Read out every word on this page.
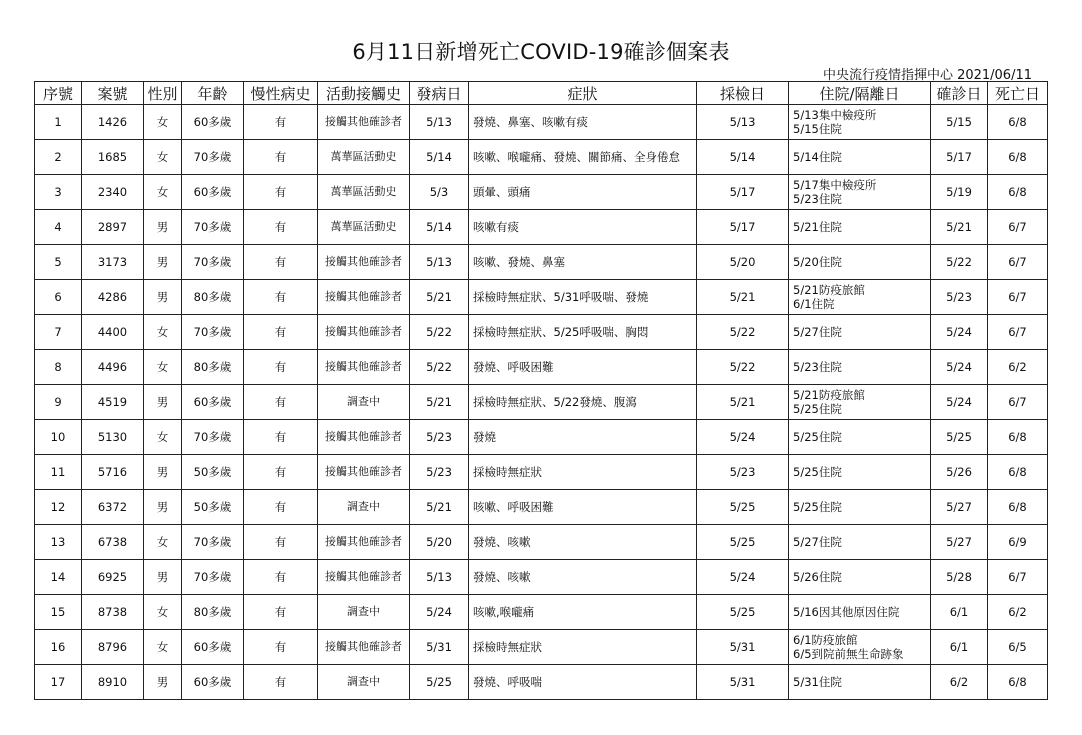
6月11日新增死亡COVID-19確診個案表
中央流行疫情指揮中心 2021/06/11
序號	案號	性別	年齡	慢性病史	活動接觸史	發病日	症狀	採檢日	住院/隔離日	確診日	死亡日
1	1426	女	60多歲	有	接觸其他確診者	5/13	發燒、鼻塞、咳嗽有痰	5/13	5/13集中檢疫所
5/15住院	5/15	6/8
2	1685	女	70多歲	有	萬華區活動史	5/14	咳嗽、喉嚨痛、發燒、關節痛、全身倦怠	5/14	5/14住院	5/17	6/8
3	2340	女	60多歲	有	萬華區活動史	5/3	頭暈、頭痛	5/17	5/17集中檢疫所
5/23住院	5/19	6/8
4	2897	男	70多歲	有	萬華區活動史	5/14	咳嗽有痰	5/17	5/21住院	5/21	6/7
5	3173	男	70多歲	有	接觸其他確診者	5/13	咳嗽、發燒、鼻塞	5/20	5/20住院	5/22	6/7
6	4286	男	80多歲	有	接觸其他確診者	5/21	採檢時無症狀、5/31呼吸喘、發燒	5/21	5/21防疫旅館
6/1住院	5/23	6/7
7	4400	女	70多歲	有	接觸其他確診者	5/22	採檢時無症狀、5/25呼吸喘、胸悶	5/22	5/27住院	5/24	6/7
8	4496	女	80多歲	有	接觸其他確診者	5/22	發燒、呼吸困難	5/22	5/23住院	5/24	6/2
9	4519	男	60多歲	有	調查中	5/21	採檢時無症狀、5/22發燒、腹瀉	5/21	5/21防疫旅館
5/25住院	5/24	6/7
10	5130	女	70多歲	有	接觸其他確診者	5/23	發燒	5/24	5/25住院	5/25	6/8
11	5716	男	50多歲	有	接觸其他確診者	5/23	採檢時無症狀	5/23	5/25住院	5/26	6/8
12	6372	男	50多歲	有	調查中	5/21	咳嗽、呼吸困難	5/25	5/25住院	5/27	6/8
13	6738	女	70多歲	有	接觸其他確診者	5/20	發燒、咳嗽	5/25	5/27住院	5/27	6/9
14	6925	男	70多歲	有	接觸其他確診者	5/13	發燒、咳嗽	5/24	5/26住院	5/28	6/7
15	8738	女	80多歲	有	調查中	5/24	咳嗽,喉嚨痛	5/25	5/16因其他原因住院	6/1	6/2
16	8796	女	60多歲	有	接觸其他確診者	5/31	採檢時無症狀	5/31	6/1防疫旅館
6/5到院前無生命跡象	6/1	6/5
17	8910	男	60多歲	有	調查中	5/25	發燒、呼吸喘	5/31	5/31住院	6/2	6/8
